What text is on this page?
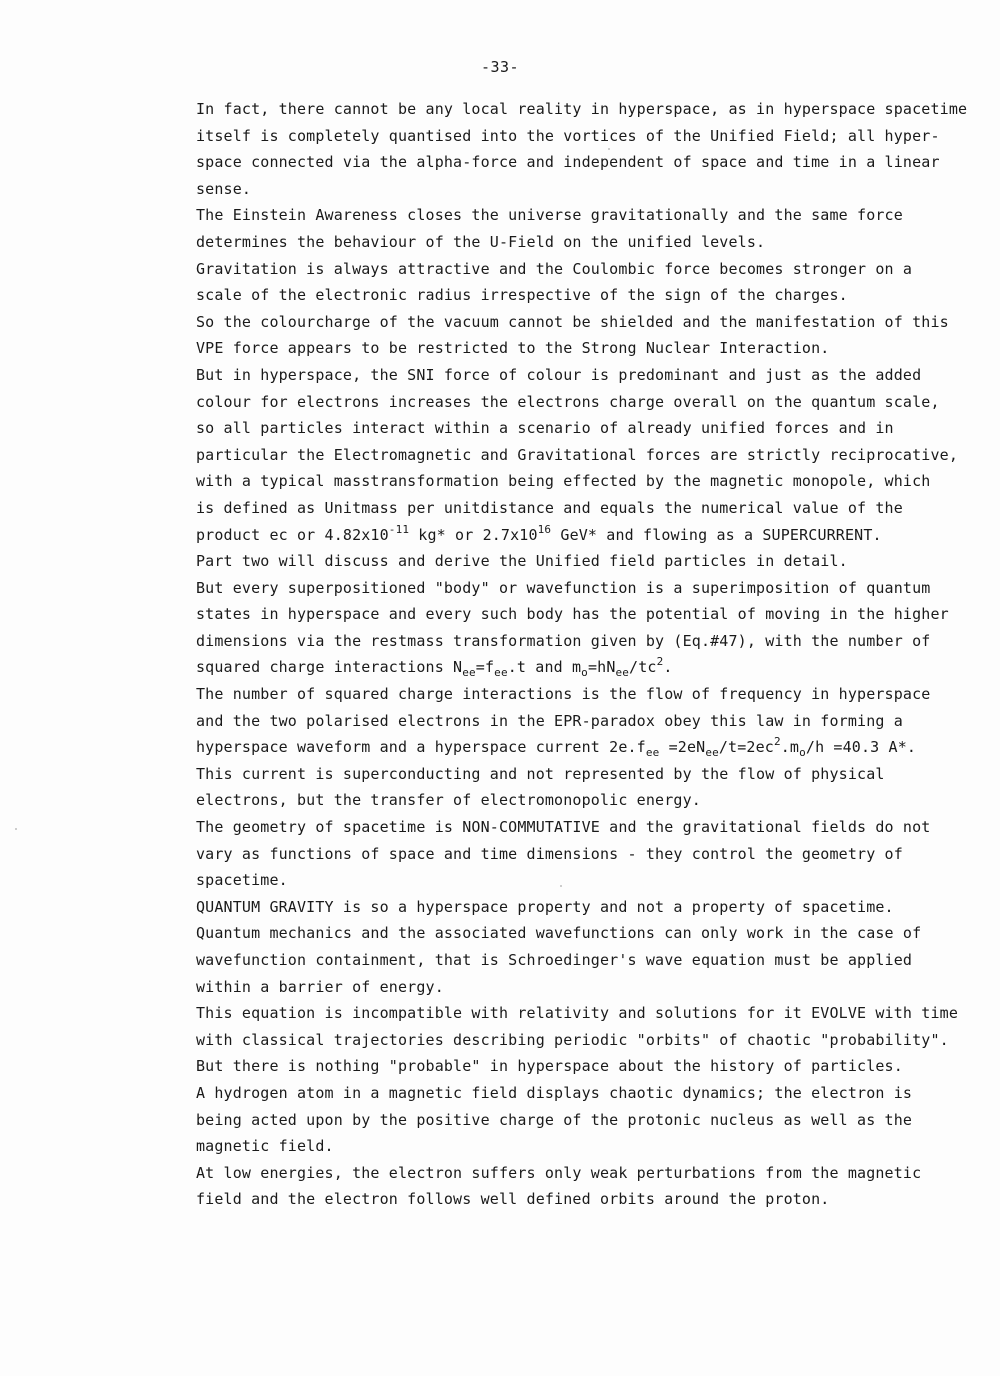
-33-
In fact, there cannot be any local reality in hyperspace, as in hyperspace spacetime
itself is completely quantised into the vortices of the Unified Field; all hyper-
space connected via the alpha-force and independent of space and time in a linear
sense.
The Einstein Awareness closes the universe gravitationally and the same force
determines the behaviour of the U-Field on the unified levels.
Gravitation is always attractive and the Coulombic force becomes stronger on a
scale of the electronic radius irrespective of the sign of the charges.
So the colourcharge of the vacuum cannot be shielded and the manifestation of this
VPE force appears to be restricted to the Strong Nuclear Interaction.
But in hyperspace, the SNI force of colour is predominant and just as the added
colour for electrons increases the electrons charge overall on the quantum scale,
so all particles interact within a scenario of already unified forces and in
particular the Electromagnetic and Gravitational forces are strictly reciprocative,
with a typical masstransformation being effected by the magnetic monopole, which
is defined as Unitmass per unitdistance and equals the numerical value of the
product ec or $4.82x10^{-11}$ kg* or $2.7x10^{16}$ GeV* and flowing as a SUPERCURRENT.
Part two will discuss and derive the Unified field particles in detail.
But every superpositioned "body" or wavefunction is a superimposition of quantum
states in hyperspace and every such body has the potential of moving in the higher
dimensions via the restmass transformation given by (Eq.#47), with the number of
squared charge interactions $N_{ee}=f_{ee}.t$ and $m_o=hN_{ee}/tc^2$.
The number of squared charge interactions is the flow of frequency in hyperspace
and the two polarised electrons in the EPR-paradox obey this law in forming a
hyperspace waveform and a hyperspace current $2e.f_{ee} =2eN_{ee}/t=2ec^2.m_o/h =40.3$ A*.
This current is superconducting and not represented by the flow of physical
electrons, but the transfer of electromonopolic energy.
The geometry of spacetime is NON-COMMUTATIVE and the gravitational fields do not
vary as functions of space and time dimensions - they control the geometry of
spacetime.
QUANTUM GRAVITY is so a hyperspace property and not a property of spacetime.
Quantum mechanics and the associated wavefunctions can only work in the case of
wavefunction containment, that is Schroedinger's wave equation must be applied
within a barrier of energy.
This equation is incompatible with relativity and solutions for it EVOLVE with time
with classical trajectories describing periodic "orbits" of chaotic "probability".
But there is nothing "probable" in hyperspace about the history of particles.
A hydrogen atom in a magnetic field displays chaotic dynamics; the electron is
being acted upon by the positive charge of the protonic nucleus as well as the
magnetic field.
At low energies, the electron suffers only weak perturbations from the magnetic
field and the electron follows well defined orbits around the proton.
